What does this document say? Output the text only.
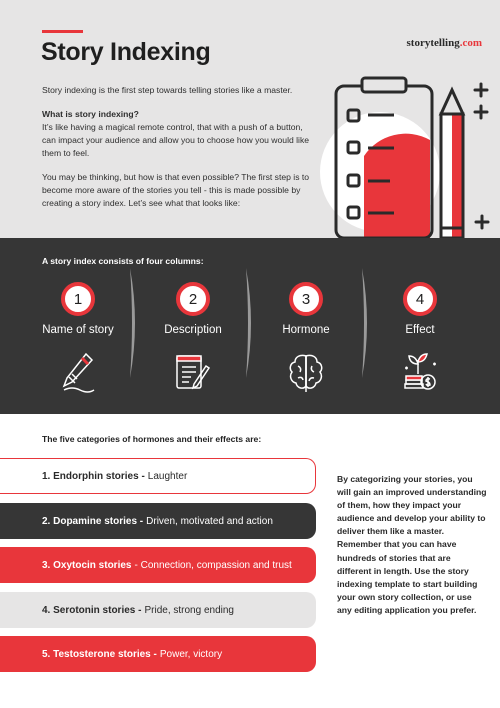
Story Indexing	storytelling.com

Story indexing is the first step towards telling stories like a master.

What is story indexing?
It’s like having a magical remote control, that with a push of a button, can impact your audience and allow you to choose how you would like them to feel.

You may be thinking, but how is that even possible? The first step is to become more aware of the stories you tell - this is made possible by creating a story index. Let’s see what that looks like:

A story index consists of four columns:
1
Name of story
2
Description
3
Hormone
4
Effect
The five categories of hormones and their effects are:
1. Endorphin stories - Laughter
2. Dopamine stories - Driven, motivated and action
3. Oxytocin stories - Connection, compassion and trust
4. Serotonin stories - Pride, strong ending
5. Testosterone stories - Power, victory
By categorizing your stories, you will gain an improved understanding of them, how they impact your audience and develop your ability to deliver them like a master. Remember that you can have hundreds of stories that are different in length. Use the story indexing template to start building your own story collection, or use any editing application you prefer.
